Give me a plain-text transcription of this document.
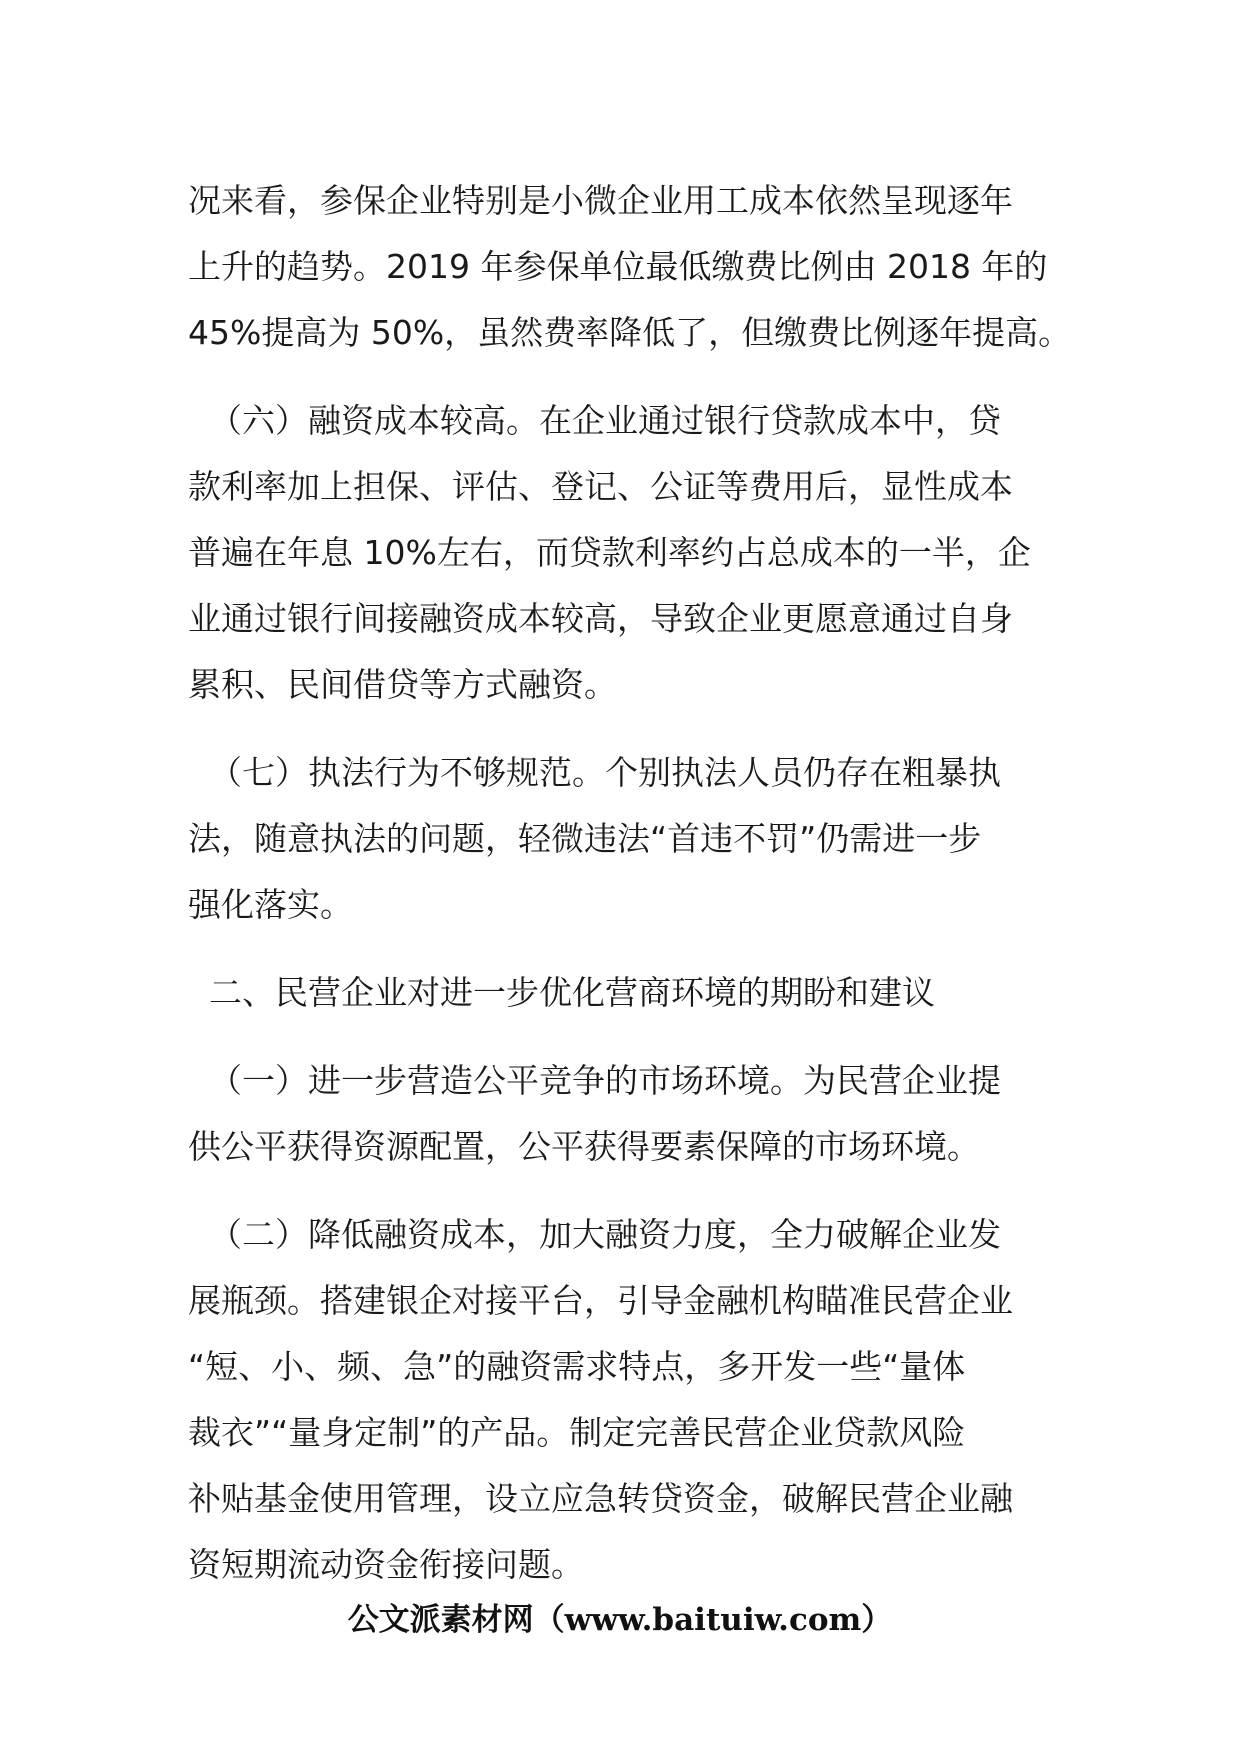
况来看，参保企业特别是小微企业用工成本依然呈现逐年
上升的趋势。2019 年参保单位最低缴费比例由 2018 年的
45%提高为 50%，虽然费率降低了，但缴费比例逐年提高。
（六）融资成本较高。在企业通过银行贷款成本中，贷
款利率加上担保、评估、登记、公证等费用后，显性成本
普遍在年息 10%左右，而贷款利率约占总成本的一半，企
业通过银行间接融资成本较高，导致企业更愿意通过自身
累积、民间借贷等方式融资。
（七）执法行为不够规范。个别执法人员仍存在粗暴执
法，随意执法的问题，轻微违法“首违不罚”仍需进一步
强化落实。
二、民营企业对进一步优化营商环境的期盼和建议
（一）进一步营造公平竞争的市场环境。为民营企业提
供公平获得资源配置，公平获得要素保障的市场环境。
（二）降低融资成本，加大融资力度，全力破解企业发
展瓶颈。搭建银企对接平台，引导金融机构瞄准民营企业
“短、小、频、急”的融资需求特点，多开发一些“量体
裁衣”“量身定制”的产品。制定完善民营企业贷款风险
补贴基金使用管理，设立应急转贷资金，破解民营企业融
资短期流动资金衔接问题。
公文派素材网（www.baituiw.com）
